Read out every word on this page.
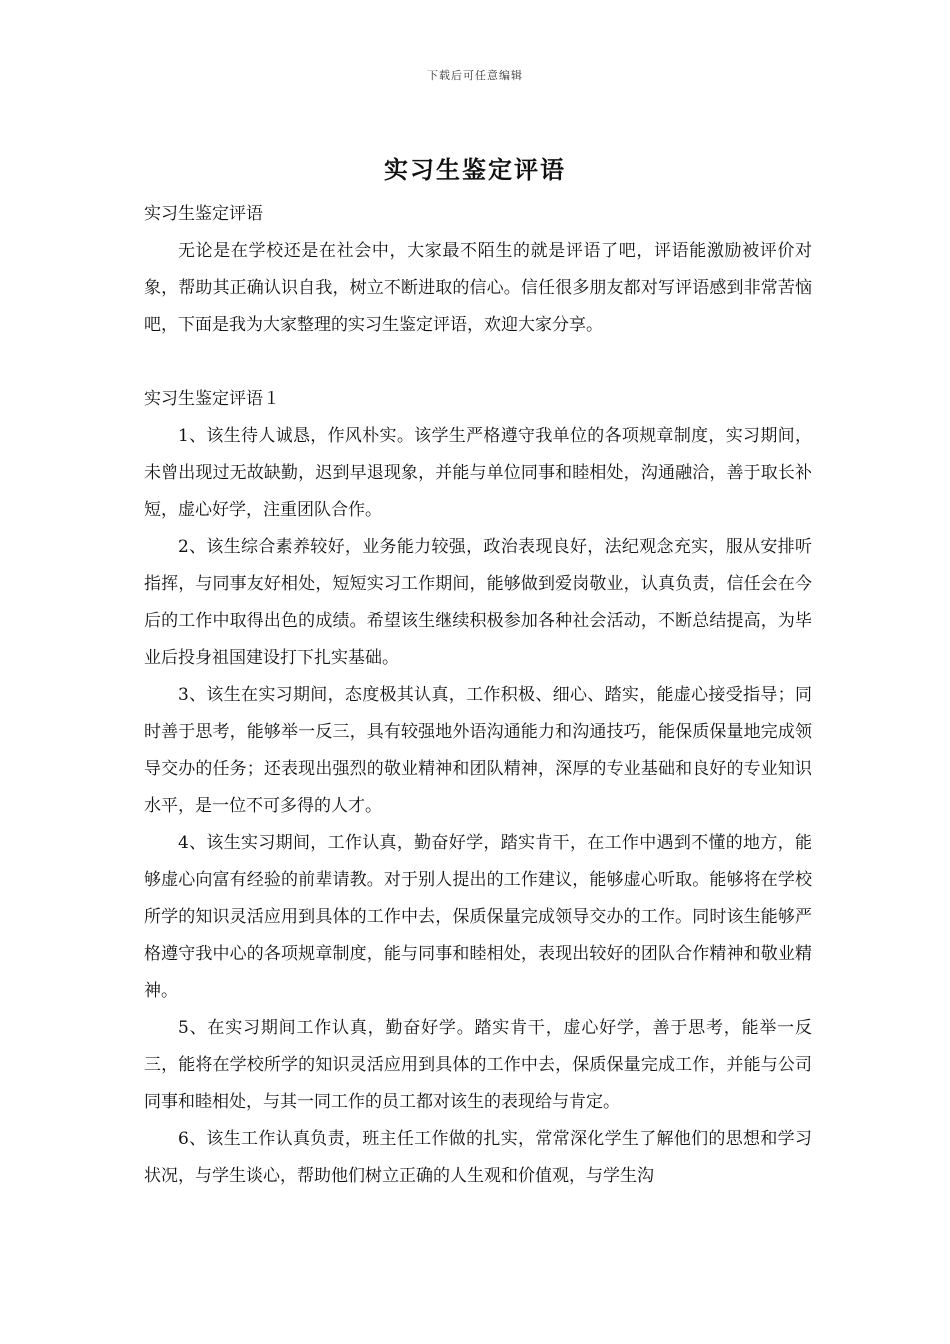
下载后可任意编辑
实习生鉴定评语

实习生鉴定评语

无论是在学校还是在社会中，大家最不陌生的就是评语了吧，评语能激励被评价对象，帮助其正确认识自我，树立不断进取的信心。信任很多朋友都对写评语感到非常苦恼吧，下面是我为大家整理的实习生鉴定评语，欢迎大家分享。

实习生鉴定评语１

1、该生待人诚恳，作风朴实。该学生严格遵守我单位的各项规章制度，实习期间，未曾出现过无故缺勤，迟到早退现象，并能与单位同事和睦相处，沟通融洽，善于取长补短，虚心好学，注重团队合作。

2、该生综合素养较好，业务能力较强，政治表现良好，法纪观念充实，服从安排听指挥，与同事友好相处，短短实习工作期间，能够做到爱岗敬业，认真负责，信任会在今后的工作中取得出色的成绩。希望该生继续积极参加各种社会活动，不断总结提高，为毕业后投身祖国建设打下扎实基础。

3、该生在实习期间，态度极其认真，工作积极、细心、踏实，能虚心接受指导；同时善于思考，能够举一反三，具有较强地外语沟通能力和沟通技巧，能保质保量地完成领导交办的任务；还表现出强烈的敬业精神和团队精神，深厚的专业基础和良好的专业知识水平，是一位不可多得的人才。

4、该生实习期间，工作认真，勤奋好学，踏实肯干，在工作中遇到不懂的地方，能够虚心向富有经验的前辈请教。对于别人提出的工作建议，能够虚心听取。能够将在学校所学的知识灵活应用到具体的工作中去，保质保量完成领导交办的工作。同时该生能够严格遵守我中心的各项规章制度，能与同事和睦相处，表现出较好的团队合作精神和敬业精神。

5、在实习期间工作认真，勤奋好学。踏实肯干，虚心好学，善于思考，能举一反三，能将在学校所学的知识灵活应用到具体的工作中去，保质保量完成工作，并能与公司同事和睦相处，与其一同工作的员工都对该生的表现给与肯定。

6、该生工作认真负责，班主任工作做的扎实，常常深化学生了解他们的思想和学习状况，与学生谈心，帮助他们树立正确的人生观和价值观，与学生沟
